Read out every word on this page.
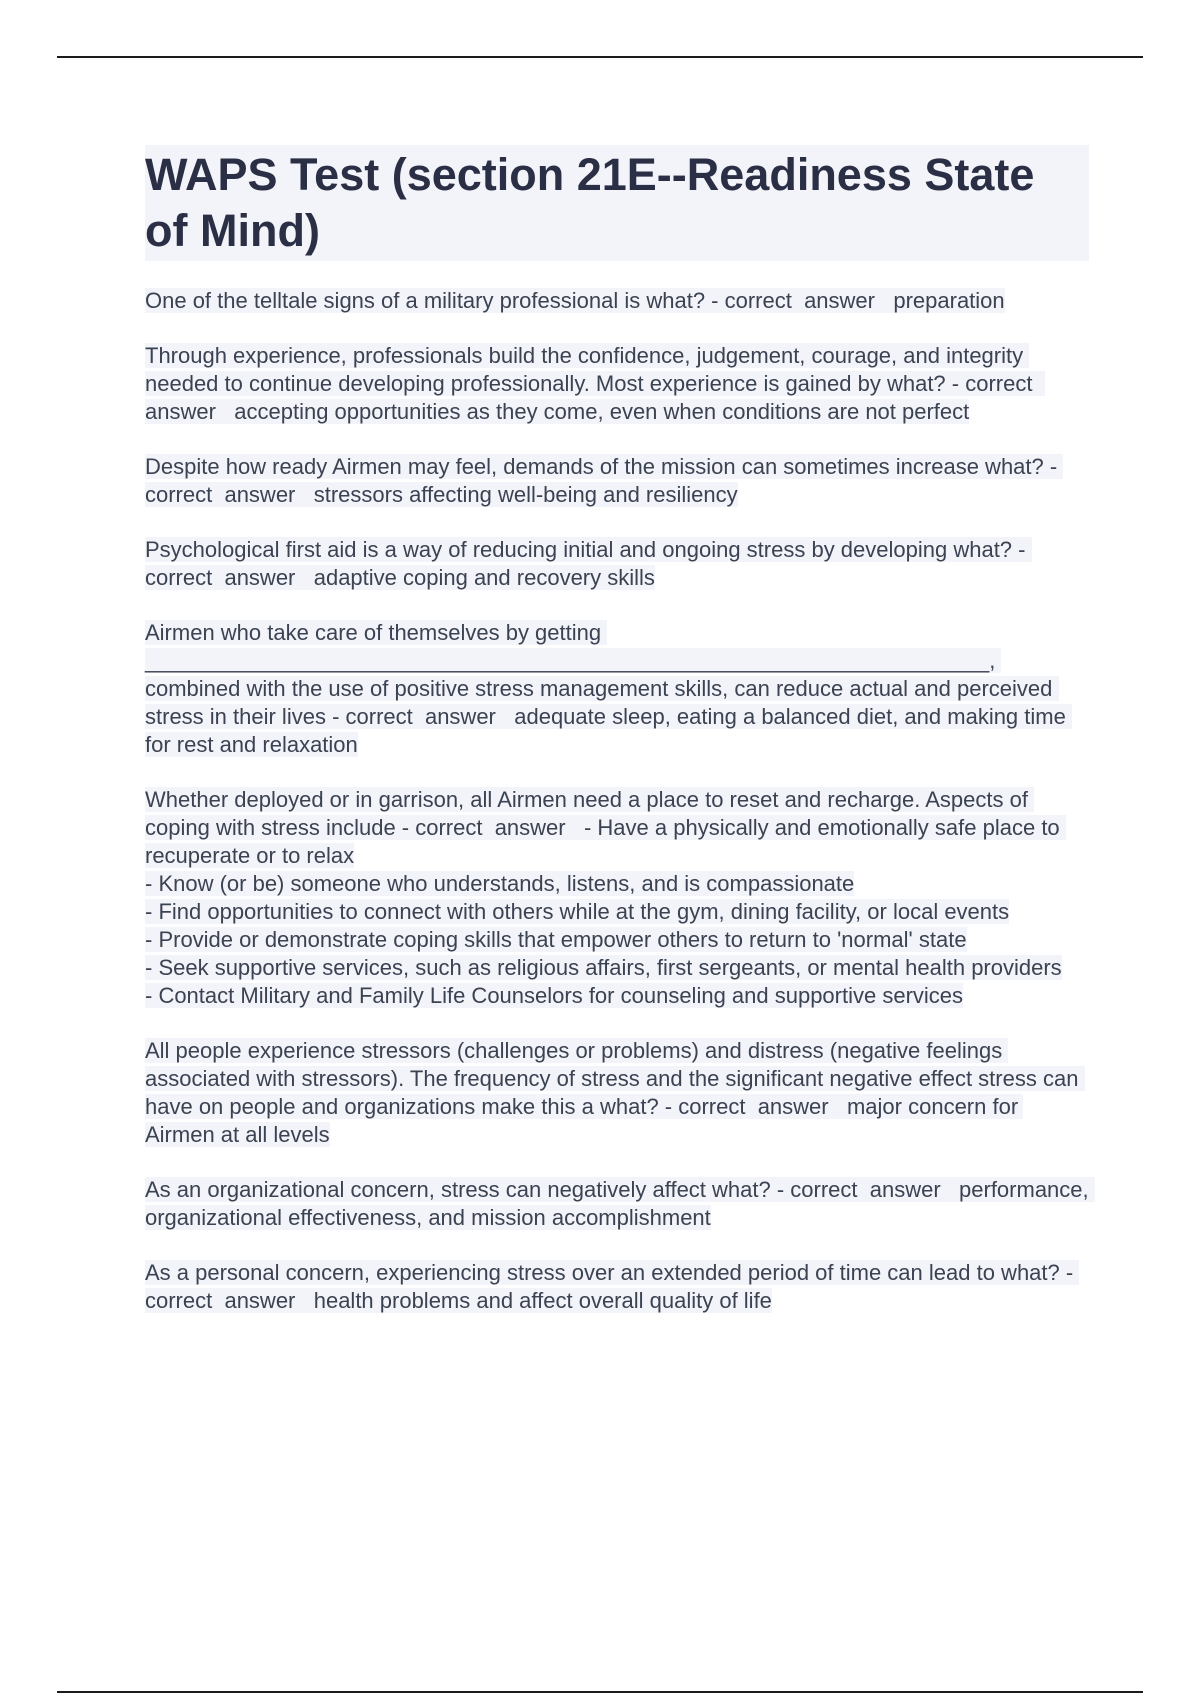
WAPS Test (section 21E--Readiness State of Mind)
One of the telltale signs of a military professional is what? - correct  answer   preparation
Through experience, professionals build the confidence, judgement, courage, and integrity needed to continue developing professionally. Most experience is gained by what? - correct  answer   accepting opportunities as they come, even when conditions are not perfect
Despite how ready Airmen may feel, demands of the mission can sometimes increase what? - correct  answer   stressors affecting well-being and resiliency
Psychological first aid is a way of reducing initial and ongoing stress by developing what? - correct  answer   adaptive coping and recovery skills
Airmen who take care of themselves by getting _____________________________________________________________________, combined with the use of positive stress management skills, can reduce actual and perceived stress in their lives - correct  answer   adequate sleep, eating a balanced diet, and making time for rest and relaxation
Whether deployed or in garrison, all Airmen need a place to reset and recharge. Aspects of coping with stress include - correct  answer   - Have a physically and emotionally safe place to recuperate or to relax
- Know (or be) someone who understands, listens, and is compassionate
- Find opportunities to connect with others while at the gym, dining facility, or local events
- Provide or demonstrate coping skills that empower others to return to 'normal' state
- Seek supportive services, such as religious affairs, first sergeants, or mental health providers
- Contact Military and Family Life Counselors for counseling and supportive services
All people experience stressors (challenges or problems) and distress (negative feelings associated with stressors). The frequency of stress and the significant negative effect stress can have on people and organizations make this a what? - correct  answer   major concern for Airmen at all levels
As an organizational concern, stress can negatively affect what? - correct  answer   performance, organizational effectiveness, and mission accomplishment
As a personal concern, experiencing stress over an extended period of time can lead to what? - correct  answer   health problems and affect overall quality of life
